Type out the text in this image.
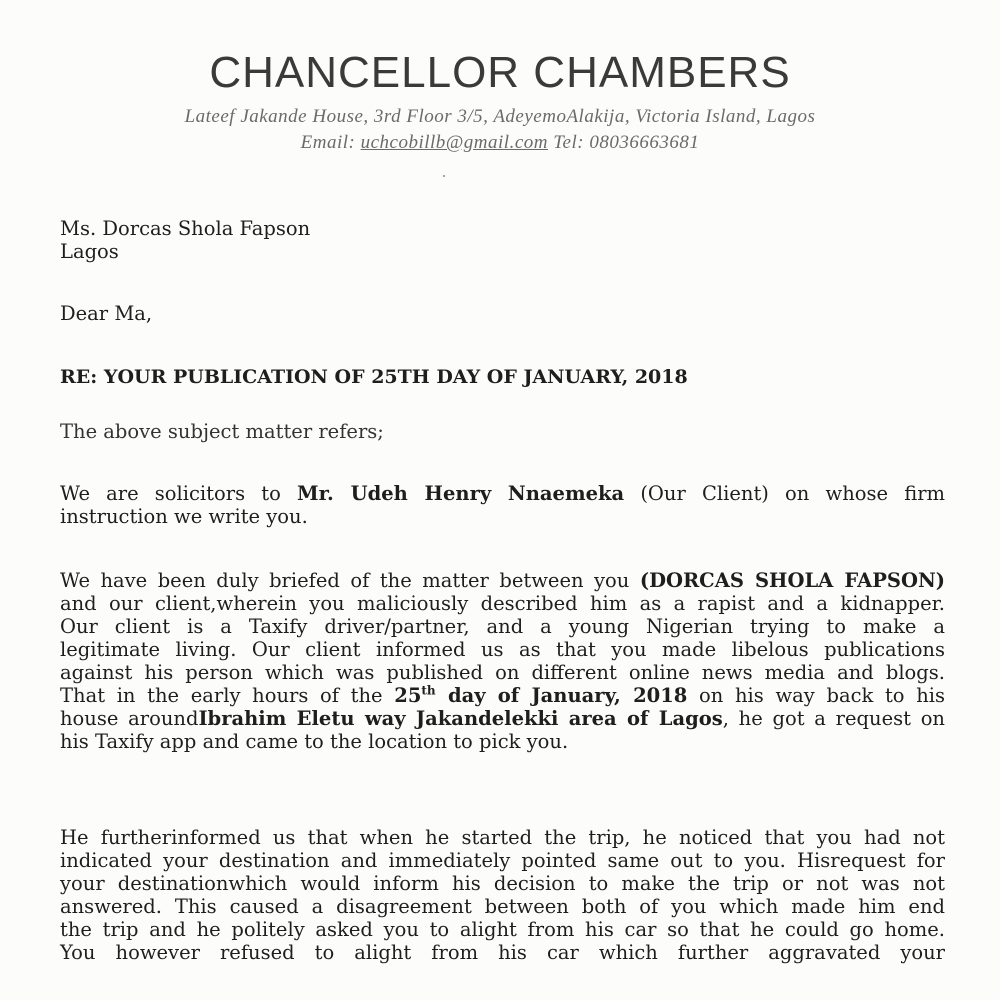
CHANCELLOR CHAMBERS
Lateef Jakande House, 3rd Floor 3/5, AdeyemoAlakija, Victoria Island, Lagos
Email: uchcobillb@gmail.com Tel: 08036663681
Ms. Dorcas Shola Fapson
Lagos
Dear Ma,
RE: YOUR PUBLICATION OF 25TH DAY OF JANUARY, 2018
The above subject matter refers;
We are solicitors to Mr. Udeh Henry Nnaemeka (Our Client) on whose firm
instruction we write you.
We have been duly briefed of the matter between you (DORCAS SHOLA FAPSON)
and our client,wherein you maliciously described him as a rapist and a kidnapper.
Our client is a Taxify driver/partner, and a young Nigerian trying to make a
legitimate living. Our client informed us as that you made libelous publications
against his person which was published on different online news media and blogs.
That in the early hours of the 25th day of January, 2018 on his way back to his
house aroundIbrahim Eletu way Jakandelekki area of Lagos, he got a request on
his Taxify app and came to the location to pick you.
He furtherinformed us that when he started the trip, he noticed that you had not
indicated your destination and immediately pointed same out to you. Hisrequest for
your destinationwhich would inform his decision to make the trip or not was not
answered. This caused a disagreement between both of you which made him end
the trip and he politely asked you to alight from his car so that he could go home.
You however refused to alight from his car which further aggravated your
